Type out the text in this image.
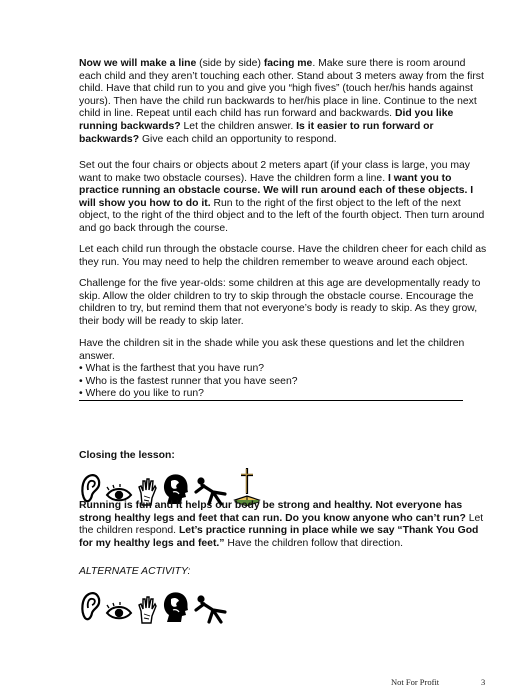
Now we will make a line (side by side) facing me. Make sure there is room around each child and they aren’t touching each other. Stand about 3 meters away from the first child. Have that child run to you and give you “high fives” (touch her/his hands against yours). Then have the child run backwards to her/his place in line. Continue to the next child in line. Repeat until each child has run forward and backwards. Did you like running backwards? Let the children answer. Is it easier to run forward or backwards? Give each child an opportunity to respond.

Set out the four chairs or objects about 2 meters apart (if your class is large, you may want to make two obstacle courses). Have the children form a line. I want you to practice running an obstacle course. We will run around each of these objects. I will show you how to do it. Run to the right of the first object to the left of the next object, to the right of the third object and to the left of the fourth object. Then turn around and go back through the course.

Let each child run through the obstacle course. Have the children cheer for each child as they run. You may need to help the children remember to weave around each object.

Challenge for the five year-olds: some children at this age are developmentally ready to skip. Allow the older children to try to skip through the obstacle course. Encourage the children to try, but remind them that not everyone’s body is ready to skip. As they grow, their body will be ready to skip later.

Have the children sit in the shade while you ask these questions and let the children answer.

• What is the farthest that you have run?

• Who is the fastest runner that you have seen?

• Where do you like to run?

Closing the lesson:

Running is fun and it helps our body be strong and healthy. Not everyone has strong healthy legs and feet that can run. Do you know anyone who can’t run? Let the children respond. Let’s practice running in place while we say “Thank You God for my healthy legs and feet.” Have the children follow that direction.

ALTERNATE ACTIVITY:
Not For Profit	3
